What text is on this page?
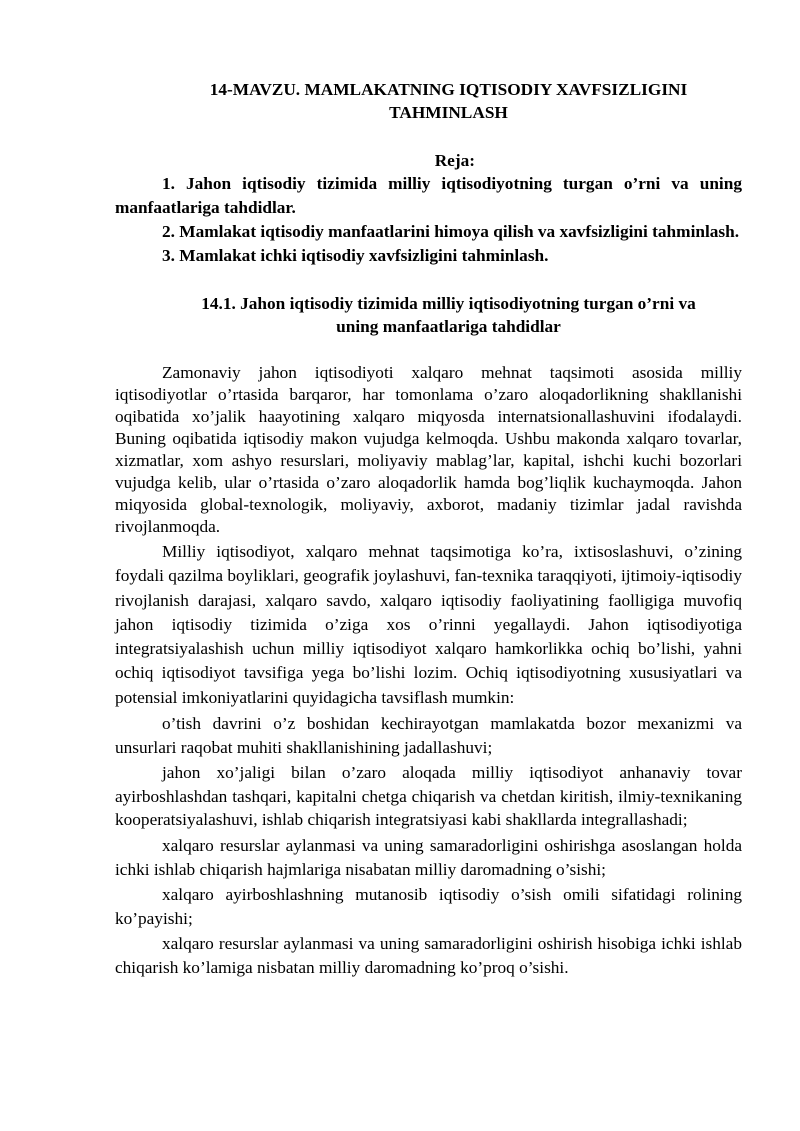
14-MAVZU. MAMLAKATNING IQTISODIY XAVFSIZLIGINI
TAHMINLASH
Reja:
1. Jahon iqtisodiy tizimida milliy iqtisodiyotning turgan o’rni va uning manfaatlariga tahdidlar.
2. Mamlakat iqtisodiy manfaatlarini himoya qilish va xavfsizligini tahminlash.
3. Mamlakat ichki iqtisodiy xavfsizligini tahminlash.
14.1. Jahon iqtisodiy tizimida milliy iqtisodiyotning turgan o’rni va
uning manfaatlariga tahdidlar

Zamonaviy jahon iqtisodiyoti xalqaro mehnat taqsimoti asosida milliy iqtisodiyotlar o’rtasida barqaror, har tomonlama o’zaro aloqadorlikning shakllanishi oqibatida xo’jalik haayotining xalqaro miqyosda internatsionallashuvini ifodalaydi. Buning oqibatida iqtisodiy makon vujudga kelmoqda. Ushbu makonda xalqaro tovarlar, xizmatlar, xom ashyo resurslari, moliyaviy mablag’lar, kapital, ishchi kuchi bozorlari vujudga kelib, ular o’rtasida o’zaro aloqadorlik hamda bog’liqlik kuchaymoqda. Jahon miqyosida global-texnologik, moliyaviy, axborot, madaniy tizimlar jadal ravishda rivojlanmoqda.

Milliy iqtisodiyot, xalqaro mehnat taqsimotiga ko’ra, ixtisoslashuvi, o’zining foydali qazilma boyliklari, geografik joylashuvi, fan-texnika taraqqiyoti, ijtimoiy-iqtisodiy rivojlanish darajasi, xalqaro savdo, xalqaro iqtisodiy faoliyatining faolligiga muvofiq jahon iqtisodiy tizimida o’ziga xos o’rinni yegallaydi. Jahon iqtisodiyotiga integratsiyalashish uchun milliy iqtisodiyot xalqaro hamkorlikka ochiq bo’lishi, yahni ochiq iqtisodiyot tavsifiga yega bo’lishi lozim. Ochiq iqtisodiyotning xususiyatlari va potensial imkoniyatlarini quyidagicha tavsiflash mumkin:

o’tish davrini o’z boshidan kechirayotgan mamlakatda bozor mexanizmi va unsurlari raqobat muhiti shakllanishining jadallashuvi;

jahon xo’jaligi bilan o’zaro aloqada milliy iqtisodiyot anhanaviy tovar ayirboshlashdan tashqari, kapitalni chetga chiqarish va chetdan kiritish, ilmiy-texnikaning kooperatsiyalashuvi, ishlab chiqarish integratsiyasi kabi shakllarda integrallashadi;

xalqaro resurslar aylanmasi va uning samaradorligini oshirishga asoslangan holda ichki ishlab chiqarish hajmlariga nisabatan milliy daromadning o’sishi;

xalqaro ayirboshlashning mutanosib iqtisodiy o’sish omili sifatidagi rolining ko’payishi;

xalqaro resurslar aylanmasi va uning samaradorligini oshirish hisobiga ichki ishlab chiqarish ko’lamiga nisbatan milliy daromadning ko’proq o’sishi.
